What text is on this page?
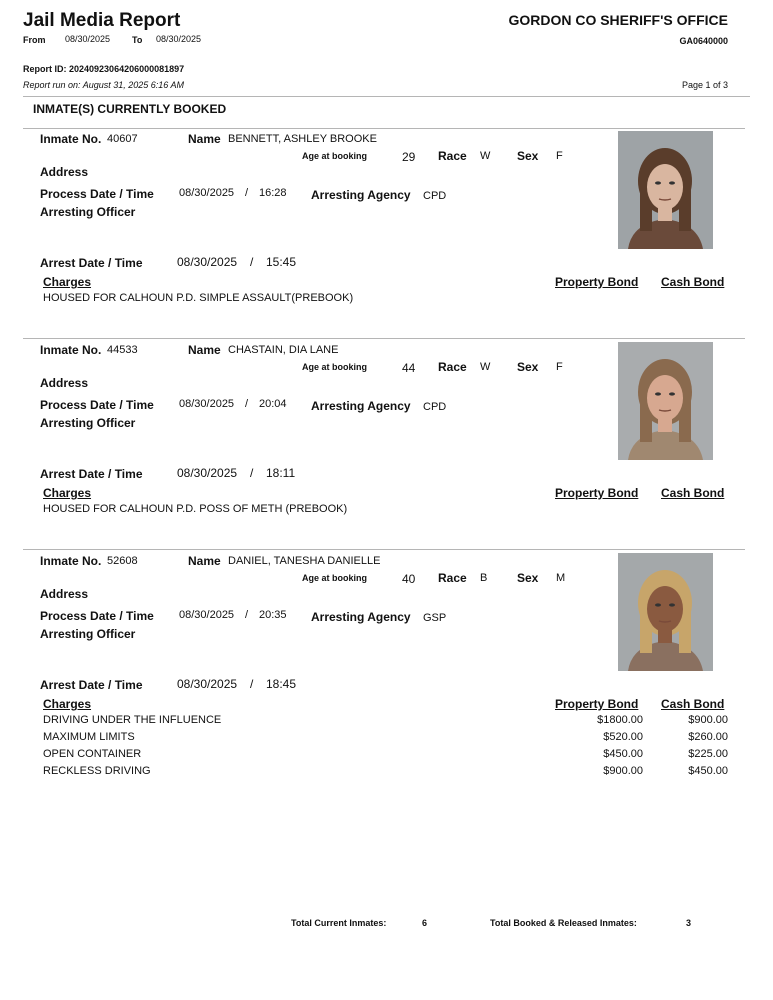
Jail Media Report	GORDON CO SHERIFF'S OFFICE
From 08/30/2025 To 08/30/2025	GA0640000
Report ID: 20240923064206000081897
Report run on: August 31, 2025 6:16 AM	Page 1 of 3
INMATE(S) CURRENTLY BOOKED
Inmate No. 40607	Name BENNETT, ASHLEY BROOKE
Age at booking	29 Race W Sex F
Address
Process Date / Time 08/30/2025 / 16:28 Arresting Agency CPD
Arresting Officer
Arrest Date / Time	08/30/2025 / 15:45
Charges	Property Bond Cash Bond
HOUSED FOR CALHOUN P.D. SIMPLE ASSAULT(PREBOOK)
Inmate No. 44533	Name CHASTAIN, DIA LANE
Age at booking	44 Race W Sex F
Address
Process Date / Time 08/30/2025 / 20:04 Arresting Agency CPD
Arresting Officer
Arrest Date / Time	08/30/2025 / 18:11
Charges	Property Bond Cash Bond
HOUSED FOR CALHOUN P.D. POSS OF METH (PREBOOK)
Inmate No. 52608	Name DANIEL, TANESHA DANIELLE
Age at booking	40 Race B Sex M
Address
Process Date / Time 08/30/2025 / 20:35 Arresting Agency GSP
Arresting Officer
Arrest Date / Time	08/30/2025 / 18:45
Charges	Property Bond Cash Bond
DRIVING UNDER THE INFLUENCE	$1800.00	$900.00
MAXIMUM LIMITS	$520.00	$260.00
OPEN CONTAINER	$450.00	$225.00
RECKLESS DRIVING	$900.00	$450.00
Total Current Inmates:	6	Total Booked & Released Inmates:	3
